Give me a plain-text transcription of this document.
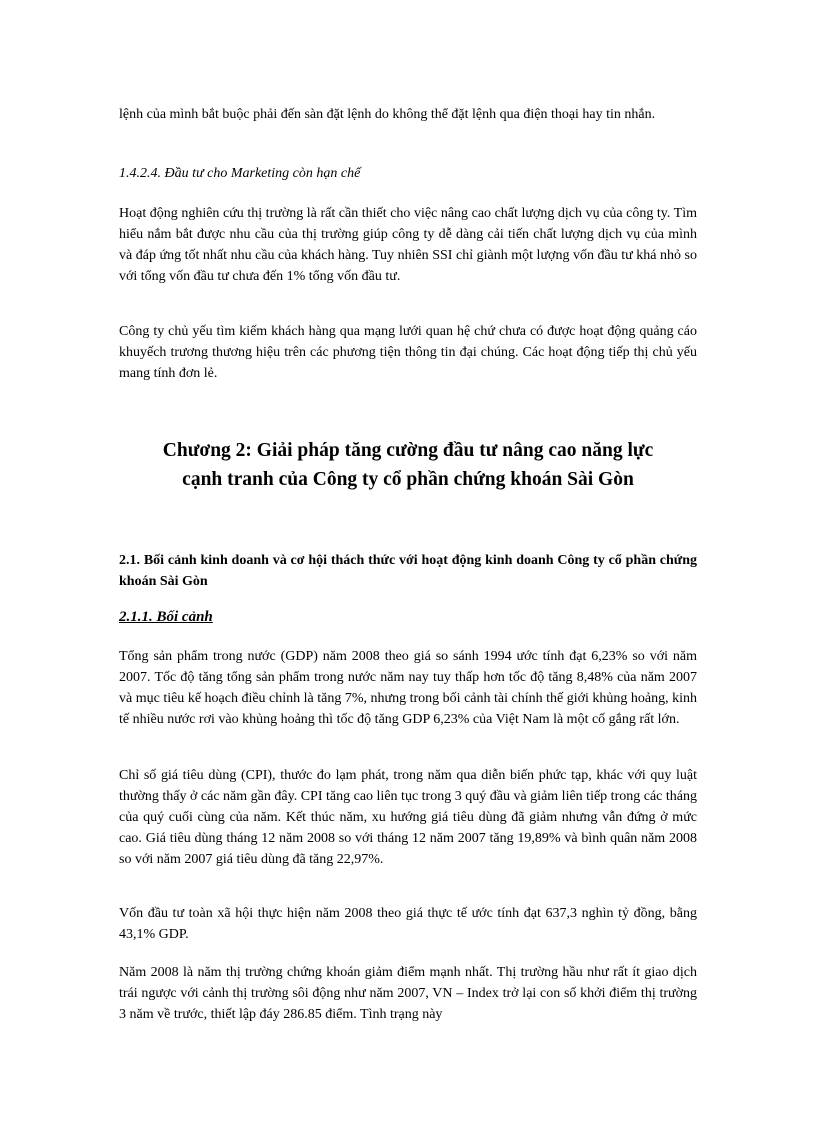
lệnh của mình bắt buộc phải đến sàn đặt lệnh do không thể đặt lệnh qua điện thoại hay tin nhắn.

1.4.2.4. Đầu tư cho Marketing còn hạn chế

Hoạt động nghiên cứu thị trường là rất cần thiết cho việc nâng cao chất lượng dịch vụ của công ty. Tìm hiểu nắm bắt được nhu cầu của thị trường giúp công ty dễ dàng cải tiến chất lượng dịch vụ của mình và đáp ứng tốt nhất nhu cầu của khách hàng. Tuy nhiên SSI chỉ giành một lượng vốn đầu tư khá nhỏ so với tổng vốn đầu tư chưa đến 1% tổng vốn đầu tư.

Công ty chủ yếu tìm kiếm khách hàng qua mạng lưới quan hệ chứ chưa có được hoạt động quảng cáo khuyếch trương thương hiệu trên các phương tiện thông tin đại chúng. Các hoạt động tiếp thị chủ yếu mang tính đơn lẻ.

Chương 2: Giải pháp tăng cường đầu tư nâng cao năng lực
cạnh tranh của Công ty cổ phần chứng khoán Sài Gòn

2.1. Bối cảnh kinh doanh và cơ hội thách thức với hoạt động kinh doanh Công ty cổ phần chứng khoán Sài Gòn

2.1.1. Bối cảnh

Tổng sản phẩm trong nước (GDP) năm 2008 theo giá so sánh 1994 ước tính đạt 6,23% so với năm 2007. Tốc độ tăng tổng sản phẩm trong nước năm nay tuy thấp hơn tốc độ tăng 8,48% của năm 2007 và mục tiêu kế hoạch điều chỉnh là tăng 7%, nhưng trong bối cảnh tài chính thế giới khủng hoảng, kinh tế nhiều nước rơi vào khủng hoảng thì tốc độ tăng GDP 6,23% của Việt Nam là một cố gắng rất lớn.

Chỉ số giá tiêu dùng (CPI), thước đo lạm phát, trong năm qua diễn biến phức tạp, khác với quy luật thường thấy ở các năm gần đây. CPI tăng cao liên tục trong 3 quý đầu và giảm liên tiếp trong các tháng của quý cuối cùng của năm. Kết thúc năm, xu hướng giá tiêu dùng đã giảm nhưng vẫn đứng ở mức cao. Giá tiêu dùng tháng 12 năm 2008 so với tháng 12 năm 2007 tăng 19,89% và bình quân năm 2008 so với năm 2007 giá tiêu dùng đã tăng 22,97%.

Vốn đầu tư toàn xã hội thực hiện năm 2008 theo giá thực tế ước tính đạt 637,3 nghìn tỷ đồng, bằng 43,1% GDP.

Năm 2008 là năm thị trường chứng khoán giảm điểm mạnh nhất. Thị trường hầu như rất ít giao dịch trái ngược với cảnh thị trường sôi động như năm 2007, VN – Index trở lại con số khởi điểm thị trường 3 năm về trước, thiết lập đáy 286.85 điểm. Tình trạng này
